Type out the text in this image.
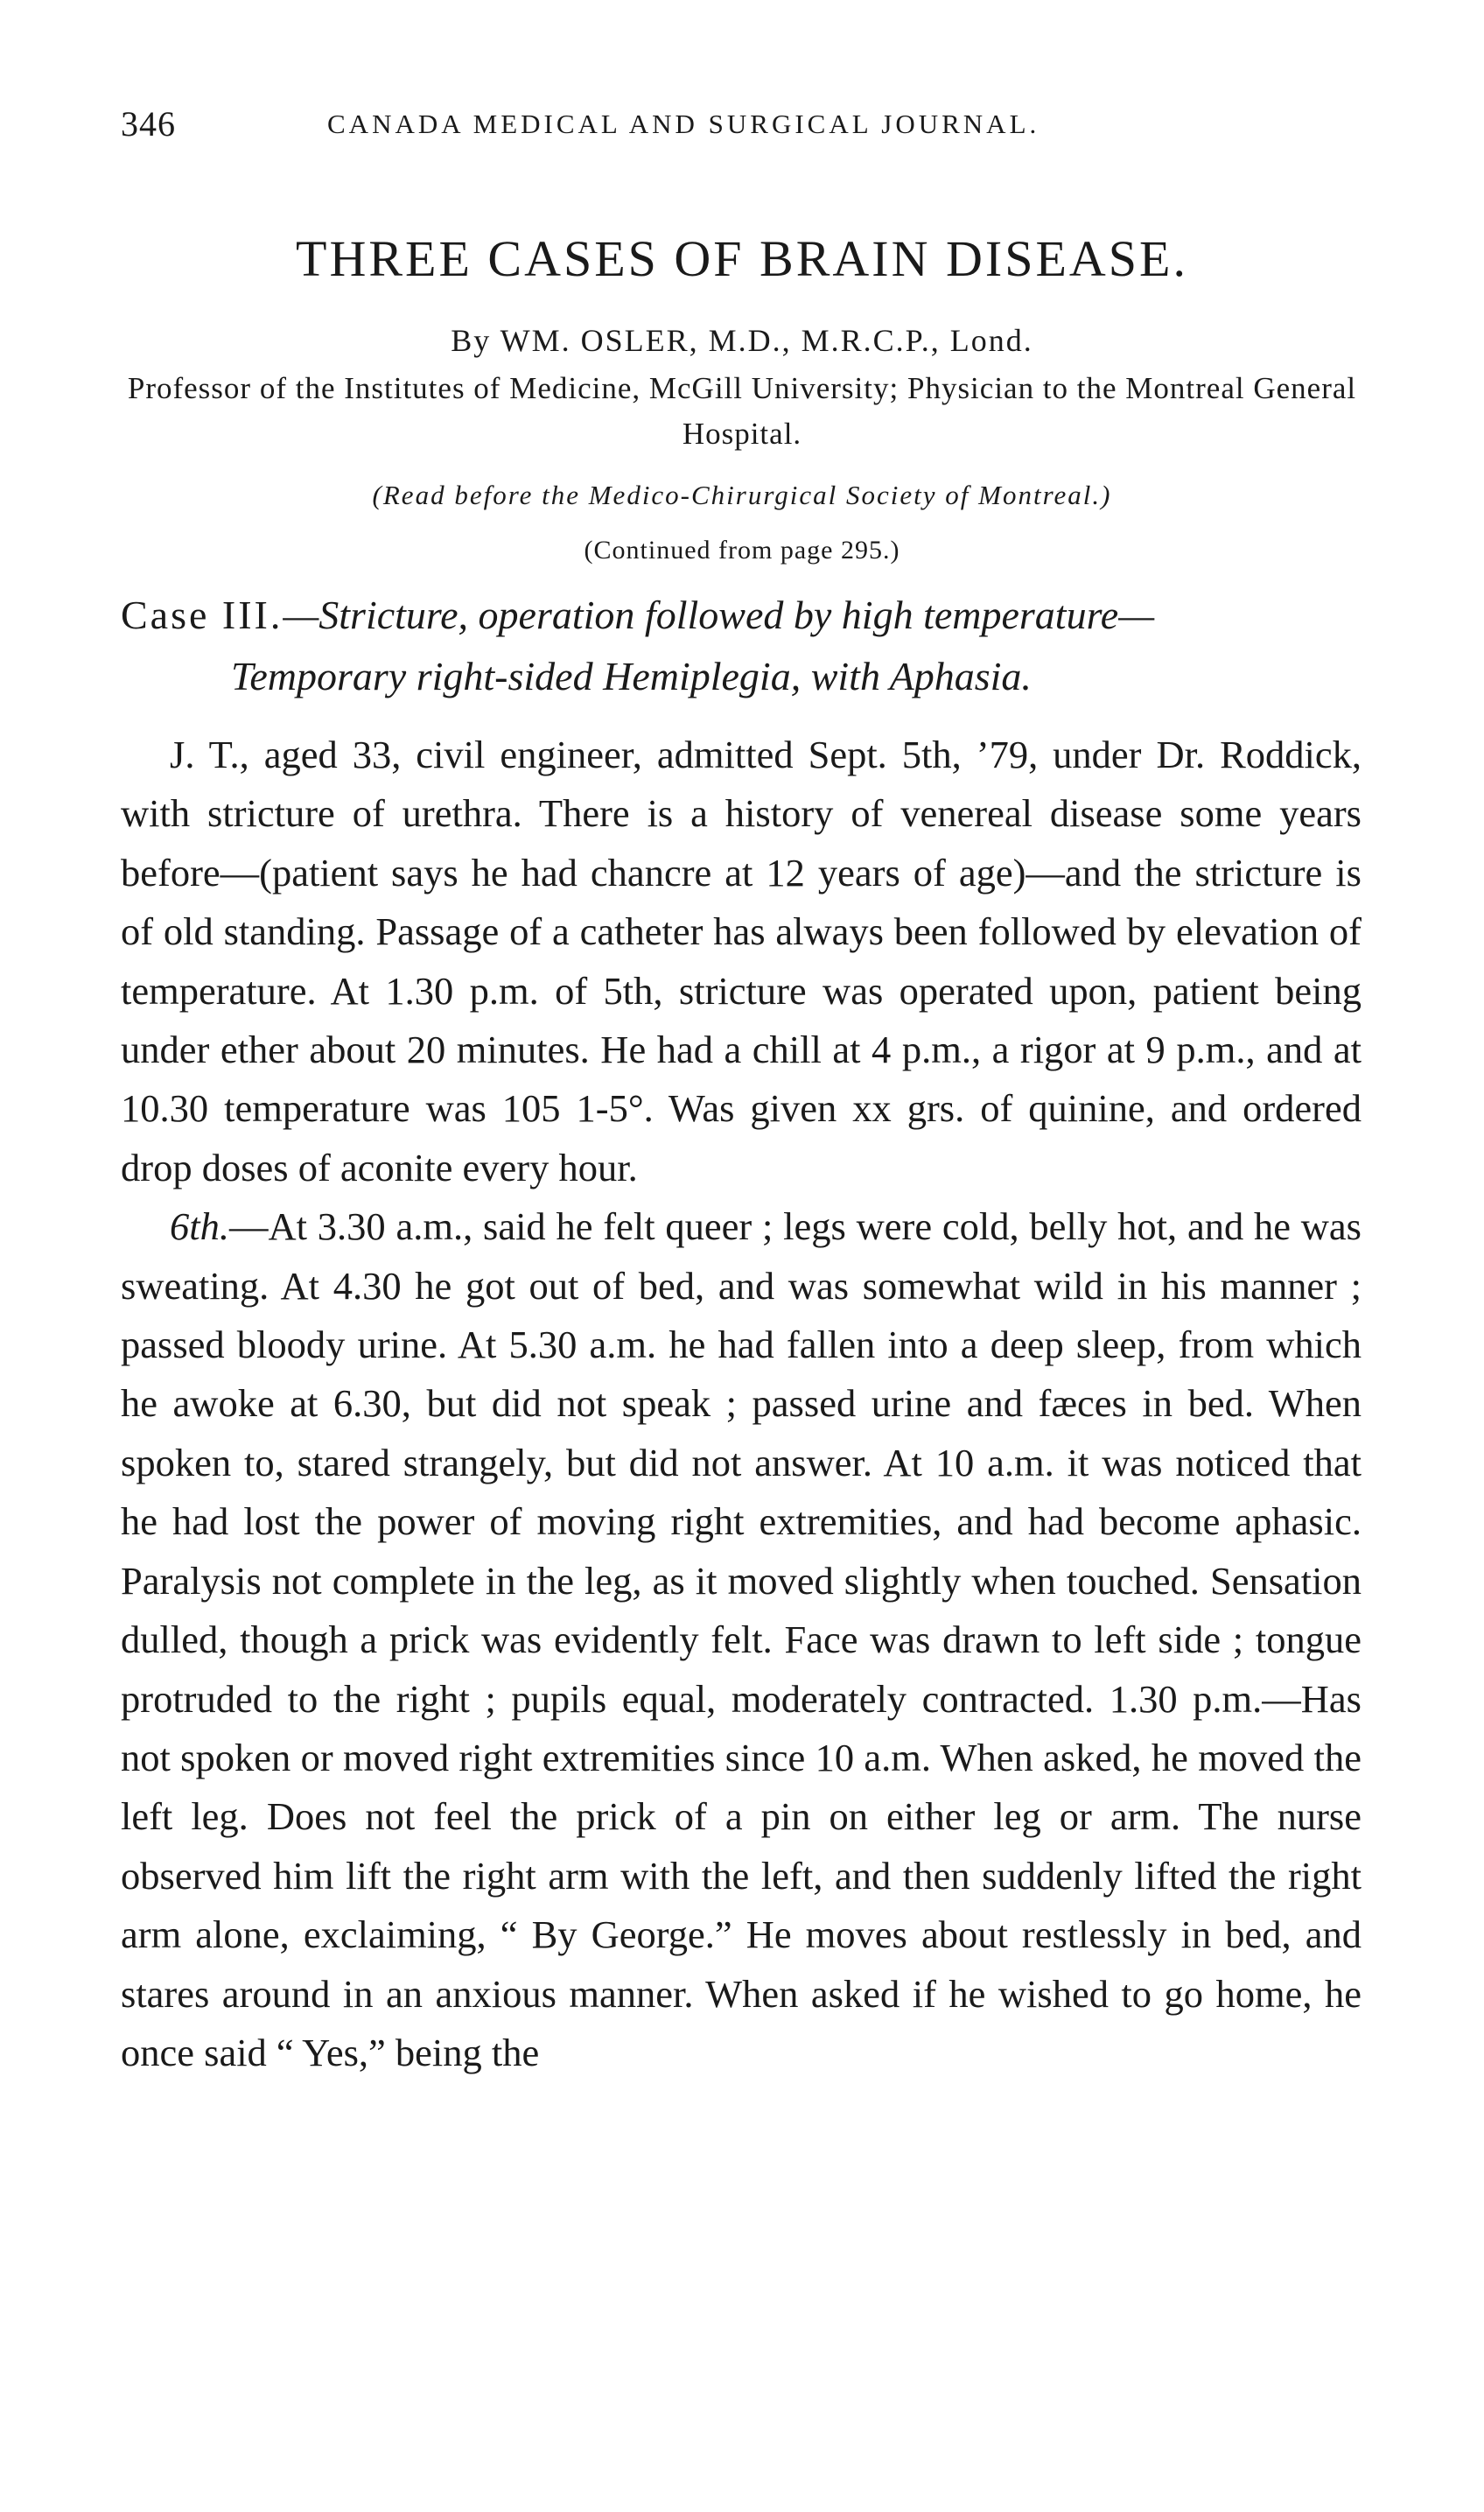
346	CANADA MEDICAL AND SURGICAL JOURNAL.
THREE CASES OF BRAIN DISEASE.
By WM. OSLER, M.D., M.R.C.P., Lond.
Professor of the Institutes of Medicine, McGill University; Physician to the Montreal General Hospital.
(Read before the Medico-Chirurgical Society of Montreal.)
(Continued from page 295.)
Case III.—Stricture, operation followed by high temperature—
Temporary right-sided Hemiplegia, with Aphasia.

J. T., aged 33, civil engineer, admitted Sept. 5th, ’79, under Dr. Roddick, with stricture of urethra. There is a history of venereal disease some years before—(patient says he had chancre at 12 years of age)—and the stricture is of old standing. Passage of a catheter has always been followed by elevation of temperature. At 1.30 p.m. of 5th, stricture was operated upon, patient being under ether about 20 minutes. He had a chill at 4 p.m., a rigor at 9 p.m., and at 10.30 temperature was 105 1-5°. Was given xx grs. of quinine, and ordered drop doses of aconite every hour.

6th.—At 3.30 a.m., said he felt queer ; legs were cold, belly hot, and he was sweating. At 4.30 he got out of bed, and was somewhat wild in his manner ; passed bloody urine. At 5.30 a.m. he had fallen into a deep sleep, from which he awoke at 6.30, but did not speak ; passed urine and fæces in bed. When spoken to, stared strangely, but did not answer. At 10 a.m. it was noticed that he had lost the power of moving right extremities, and had become aphasic. Paralysis not complete in the leg, as it moved slightly when touched. Sensation dulled, though a prick was evidently felt. Face was drawn to left side ; tongue protruded to the right ; pupils equal, moderately contracted. 1.30 p.m.—Has not spoken or moved right extremities since 10 a.m. When asked, he moved the left leg. Does not feel the prick of a pin on either leg or arm. The nurse observed him lift the right arm with the left, and then suddenly lifted the right arm alone, exclaiming, “ By George.” He moves about restlessly in bed, and stares around in an anxious manner. When asked if he wished to go home, he once said “ Yes,” being the
